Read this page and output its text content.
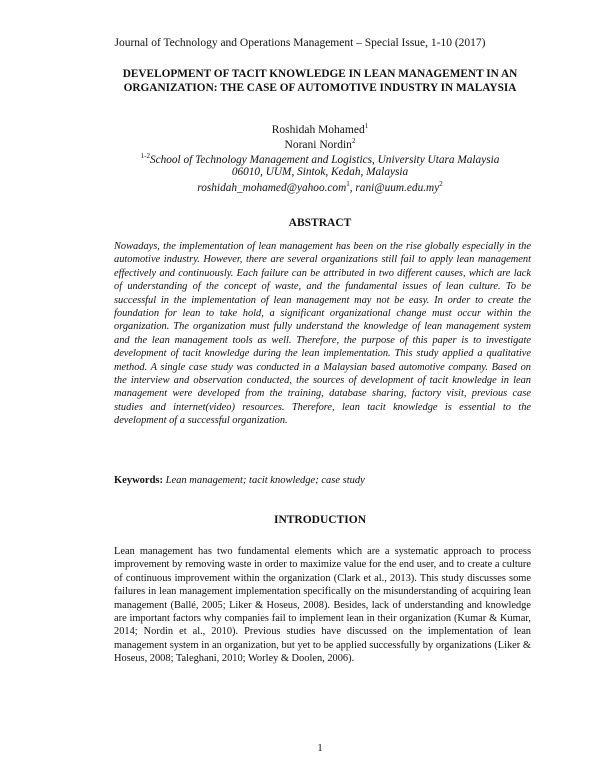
Journal of Technology and Operations Management – Special Issue, 1-10 (2017)
DEVELOPMENT OF TACIT KNOWLEDGE IN LEAN MANAGEMENT IN AN
ORGANIZATION: THE CASE OF AUTOMOTIVE INDUSTRY IN MALAYSIA
Roshidah Mohamed$^1$
Norani Nordin$^2$
$^{1-2}$School of Technology Management and Logistics, University Utara Malaysia
06010, UUM, Sintok, Kedah, Malaysia
roshidah_mohamed@yahoo.com$^1$, $rani@uum.edu.my^2$
ABSTRACT
Nowadays, the implementation of lean management has been on the rise globally especially in the automotive industry. However, there are several organizations still fail to apply lean management effectively and continuously. Each failure can be attributed in two different causes, which are lack of understanding of the concept of waste, and the fundamental issues of lean culture. To be successful in the implementation of lean management may not be easy. In order to create the foundation for lean to take hold, a significant organizational change must occur within the organization. The organization must fully understand the knowledge of lean management system and the lean management tools as well. Therefore, the purpose of this paper is to investigate development of tacit knowledge during the lean implementation. This study applied a qualitative method. A single case study was conducted in a Malaysian based automotive company. Based on the interview and observation conducted, the sources of development of tacit knowledge in lean management were developed from the training, database sharing, factory visit, previous case studies and internet(video) resources. Therefore, lean tacit knowledge is essential to the development of a successful organization.
Keywords: Lean management; tacit knowledge; case study
INTRODUCTION
Lean management has two fundamental elements which are a systematic approach to process improvement by removing waste in order to maximize value for the end user, and to create a culture of continuous improvement within the organization (Clark et al., 2013). This study discusses some failures in lean management implementation specifically on the misunderstanding of acquiring lean management (Ballé, 2005; Liker & Hoseus, 2008). Besides, lack of understanding and knowledge are important factors why companies fail to implement lean in their organization (Kumar & Kumar, 2014; Nordin et al., 2010). Previous studies have discussed on the implementation of lean management system in an organization, but yet to be applied successfully by organizations (Liker & Hoseus, 2008; Taleghani, 2010; Worley & Doolen, 2006).
1
